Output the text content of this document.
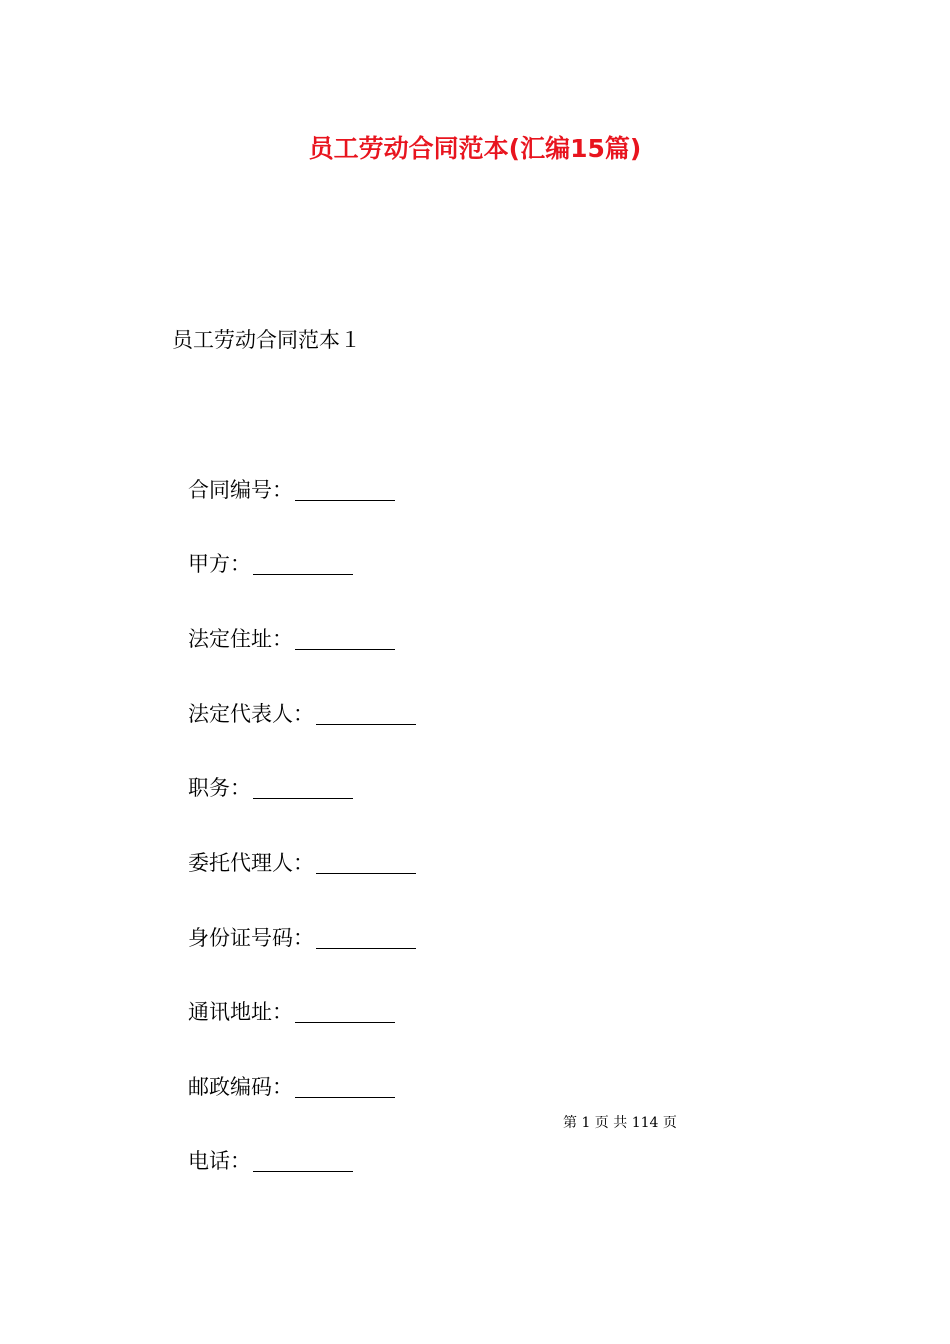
员工劳动合同范本(汇编15篇)
员工劳动合同范本１
合同编号：
甲方：
法定住址：
法定代表人：
职务：
委托代理人：
身份证号码：
通讯地址：
邮政编码：
电话：
第 1 页 共 114 页
